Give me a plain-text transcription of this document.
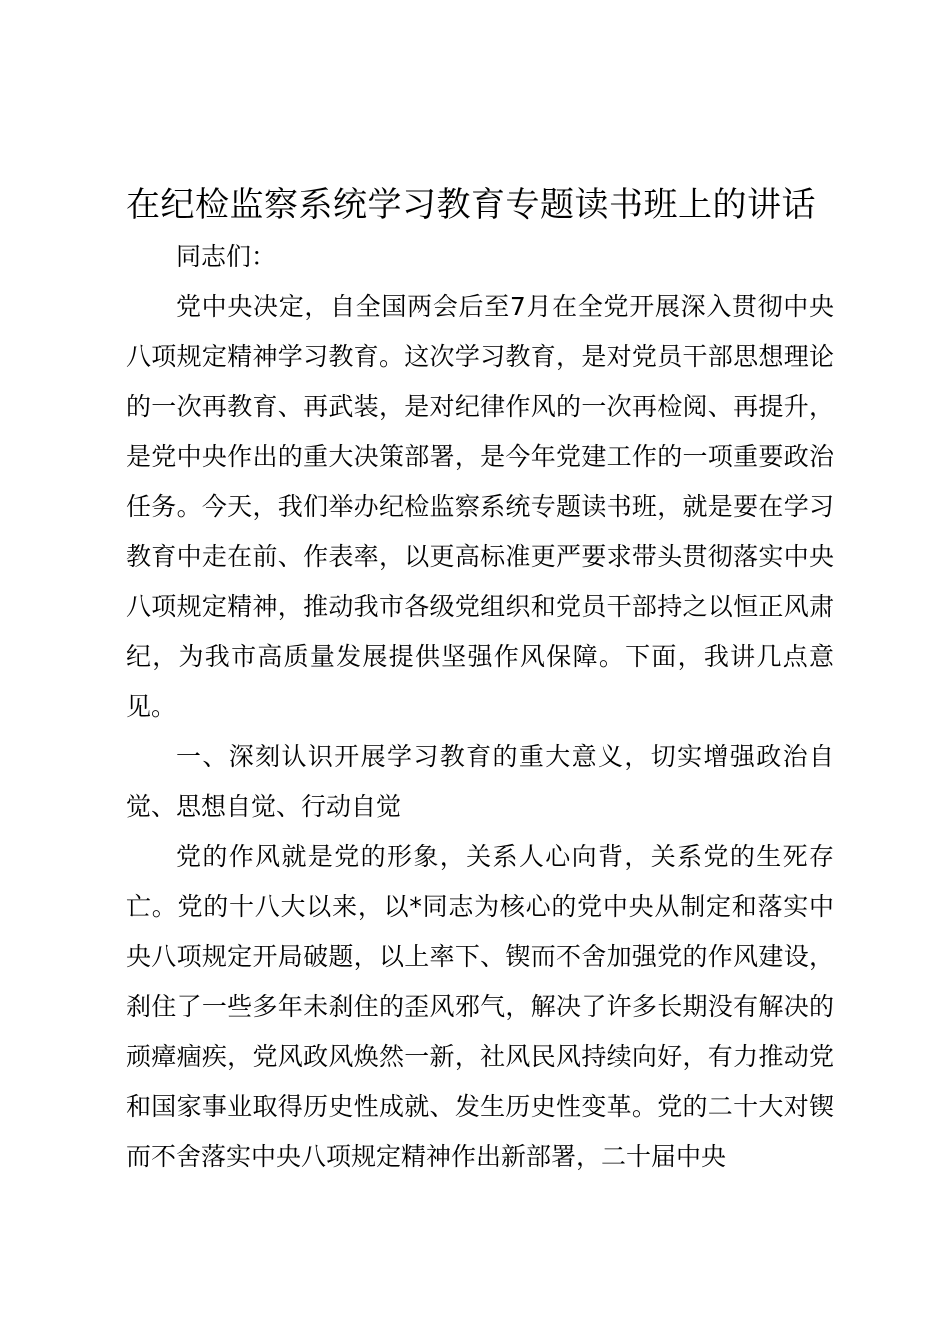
在纪检监察系统学习教育专题读书班上的讲话

同志们：

党中央决定，自全国两会后至7月在全党开展深入贯彻中央八项规定精神学习教育。这次学习教育，是对党员干部思想理论的一次再教育、再武装，是对纪律作风的一次再检阅、再提升，是党中央作出的重大决策部署，是今年党建工作的一项重要政治任务。今天，我们举办纪检监察系统专题读书班，就是要在学习教育中走在前、作表率，以更高标准更严要求带头贯彻落实中央八项规定精神，推动我市各级党组织和党员干部持之以恒正风肃纪，为我市高质量发展提供坚强作风保障。下面，我讲几点意见。

一、深刻认识开展学习教育的重大意义，切实增强政治自觉、思想自觉、行动自觉

党的作风就是党的形象，关系人心向背，关系党的生死存亡。党的十八大以来，以*同志为核心的党中央从制定和落实中央八项规定开局破题，以上率下、锲而不舍加强党的作风建设，刹住了一些多年未刹住的歪风邪气，解决了许多长期没有解决的顽瘴痼疾，党风政风焕然一新，社风民风持续向好，有力推动党和国家事业取得历史性成就、发生历史性变革。党的二十大对锲而不舍落实中央八项规定精神作出新部署，二十届中央
